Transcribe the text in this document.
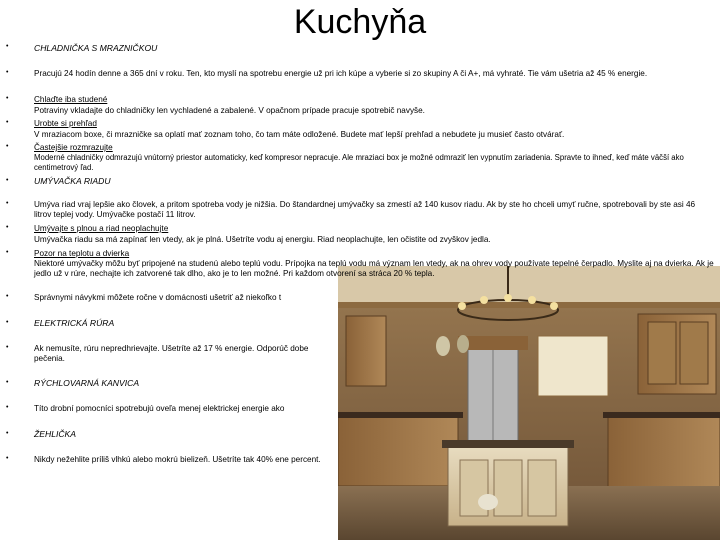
Kuchyňa
•	CHLADNIČKA S MRAZNIČKOU
•	Pracujú 24 hodín denne a 365 dní v roku. Ten, kto myslí na spotrebu energie už pri ich kúpe a vyberie si zo skupiny A či A+, má vyhraté. Tie vám ušetria až 45 % energie.
•	Chlaďte iba studené
Potraviny vkladajte do chladničky len vychladené a zabalené. V opačnom prípade pracuje spotrebič navyše.
•	Urobte si prehľad
V mraziacom boxe, či mrazničke sa oplatí mať zoznam toho, čo tam máte odložené. Budete mať lepší prehľad a nebudete ju musieť často otvárať.
•	Častejšie rozmrazujte
Moderné chladničky odmrazujú vnútorný priestor automaticky, keď kompresor nepracuje. Ale mraziaci box je možné odmraziť len vypnutím zariadenia. Spravte to ihneď, keď máte väčší ako centimetrový ľad.
•	UMÝVAČKA RIADU
•	Umýva riad vraj lepšie ako človek, a pritom spotreba vody je nižšia. Do štandardnej umývačky sa zmestí až 140 kusov riadu. Ak by ste ho chceli umyť ručne, spotrebovali by ste asi 46 litrov teplej vody. Umývačke postačí 11 litrov.
•	Umývajte s plnou a riad neoplachujte
Umývačka riadu sa má zapínať len vtedy, ak je plná. Ušetríte vodu aj energiu. Riad neoplachujte, len očistite od zvyškov jedla.
•	Pozor na teplotu a dvierka
Niektoré umývačky môžu byť pripojené na studenú alebo teplú vodu. Prípojka na teplú vodu má význam len vtedy, ak na ohrev vody používate tepelné čerpadlo. Myslite aj na dvierka. Ak je jedlo už v rúre, nechajte ich zatvorené tak dlho, ako je to len možné. Pri každom otvorení sa stráca 20 % tepla.
•	Správnymi návykmi môžete ročne v domácnosti ušetriť až niekoľko t
•	ELEKTRICKÁ RÚRA
•	Ak nemusíte, rúru nepredhrievajte. Ušetríte až 17 % energie. Odporúč dobe pečenia.
•	RÝCHLOVARNÁ KANVICA
•	Títo drobní pomocníci spotrebujú oveľa menej elektrickej energie ako
•	ŽEHLIČKA
•	Nikdy nežehlite príliš vlhkú alebo mokrú bielizeň. Ušetríte tak 40% ene percent.
